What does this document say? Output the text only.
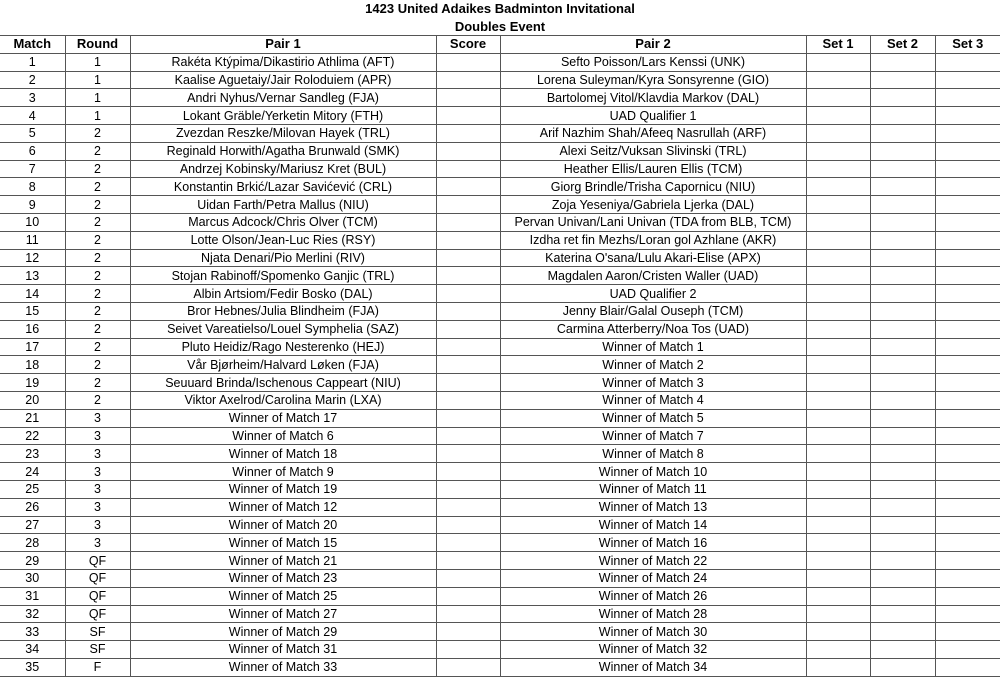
1423 United Adaikes Badminton Invitational
Doubles Event
Match	Round	Pair 1	Score	Pair 2	Set 1	Set 2	Set 3
1	1	Rakéta Ktýpima/Dikastirio Athlima (AFT)		Sefto Poisson/Lars Kenssi (UNK)			
2	1	Kaalise Aguetaiy/Jair Roloduiem (APR)		Lorena Suleyman/Kyra Sonsyrenne (GIO)			
3	1	Andri Nyhus/Vernar Sandleg (FJA)		Bartolomej Vitol/Klavdia Markov (DAL)			
4	1	Lokant Gräble/Yerketin Mitory (FTH)		UAD Qualifier 1			
5	2	Zvezdan Reszke/Milovan Hayek (TRL)		Arif Nazhim Shah/Afeeq Nasrullah (ARF)			
6	2	Reginald Horwith/Agatha Brunwald (SMK)		Alexi Seitz/Vuksan Slivinski (TRL)			
7	2	Andrzej Kobinsky/Mariusz Kret (BUL)		Heather Ellis/Lauren Ellis (TCM)			
8	2	Konstantin Brkić/Lazar Savićević (CRL)		Giorg Brindle/Trisha Capornicu (NIU)			
9	2	Uidan Farth/Petra Mallus (NIU)		Zoja Yeseniya/Gabriela Ljerka (DAL)			
10	2	Marcus Adcock/Chris Olver (TCM)		Pervan Univan/Lani Univan (TDA from BLB, TCM)			
11	2	Lotte Olson/Jean-Luc Ries (RSY)		Izdha ret fin Mezhs/Loran gol Azhlane (AKR)			
12	2	Njata Denari/Pio Merlini (RIV)		Katerina O'sana/Lulu Akari-Elise (APX)			
13	2	Stojan Rabinoff/Spomenko Ganjic (TRL)		Magdalen Aaron/Cristen Waller (UAD)			
14	2	Albin Artsiom/Fedir Bosko (DAL)		UAD Qualifier 2			
15	2	Bror Hebnes/Julia Blindheim (FJA)		Jenny Blair/Galal Ouseph (TCM)			
16	2	Seivet Vareatielso/Louel Symphelia (SAZ)		Carmina Atterberry/Noa Tos (UAD)			
17	2	Pluto Heidiz/Rago Nesterenko (HEJ)		Winner of Match 1			
18	2	Vår Bjørheim/Halvard Løken (FJA)		Winner of Match 2			
19	2	Seuuard Brinda/Ischenous Cappeart (NIU)		Winner of Match 3			
20	2	Viktor Axelrod/Carolina Marin (LXA)		Winner of Match 4			
21	3	Winner of Match 17		Winner of Match 5			
22	3	Winner of Match 6		Winner of Match 7			
23	3	Winner of Match 18		Winner of Match 8			
24	3	Winner of Match 9		Winner of Match 10			
25	3	Winner of Match 19		Winner of Match 11			
26	3	Winner of Match 12		Winner of Match 13			
27	3	Winner of Match 20		Winner of Match 14			
28	3	Winner of Match 15		Winner of Match 16			
29	QF	Winner of Match 21		Winner of Match 22			
30	QF	Winner of Match 23		Winner of Match 24			
31	QF	Winner of Match 25		Winner of Match 26			
32	QF	Winner of Match 27		Winner of Match 28			
33	SF	Winner of Match 29		Winner of Match 30			
34	SF	Winner of Match 31		Winner of Match 32			
35	F	Winner of Match 33		Winner of Match 34			
